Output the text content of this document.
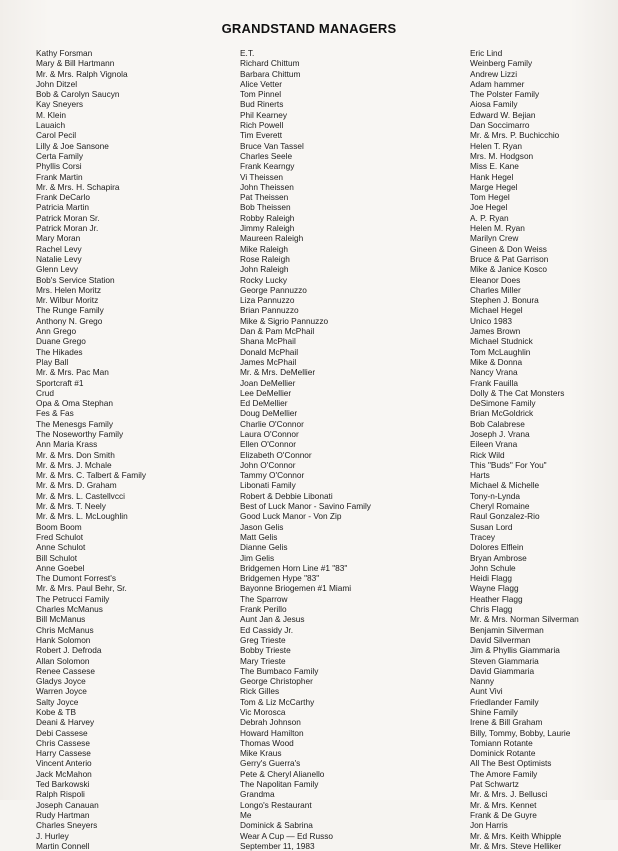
GRANDSTAND MANAGERS
Kathy Forsman
Mary & Bill Hartmann
Mr. & Mrs. Ralph Vignola
John Ditzel
Bob & Carolyn Saucyn
Kay Sneyers
M. Klein
Lauaich
Carol Pecil
Lilly & Joe Sansone
Certa Family
Phyllis Corsi
Frank Martin
Mr. & Mrs. H. Schapira
Frank DeCarlo
Patricia Martin
Patrick Moran Sr.
Patrick Moran Jr.
Mary Moran
Rachel Levy
Natalie Levy
Glenn Levy
Bob's Service Station
Mrs. Helen Moritz
Mr. Wilbur Moritz
The Runge Family
Anthony N. Grego
Ann Grego
Duane Grego
The Hikades
Play Ball
Mr. & Mrs. Pac Man
Sportcraft #1
Crud
Opa & Oma Stephan
Fes & Fas
The Menesgs Family
The Noseworthy Family
Ann Maria Krass
Mr. & Mrs. Don Smith
Mr. & Mrs. J. Mchale
Mr. & Mrs. C. Talbert & Family
Mr. & Mrs. D. Graham
Mr. & Mrs. L. Castellvcci
Mr. & Mrs. T. Neely
Mr. & Mrs. L. McLoughlin
Boom Boom
Fred Schulot
Anne Schulot
Bill Schulot
Anne Goebel
The Dumont Forrest's
Mr. & Mrs. Paul Behr, Sr.
The Petrucci Family
Charles McManus
Bill McManus
Chris McManus
Hank Solomon
Robert J. Defroda
Allan Solomon
Renee Cassese
Gladys Joyce
Warren Joyce
Salty Joyce
Kobe & TB
Deani & Harvey
Debi Cassese
Chris Cassese
Harry Cassese
Vincent Anterio
Jack McMahon
Ted Barkowski
Ralph Rispoli
Joseph Canauan
Rudy Hartman
Charles Sneyers
J. Hurley
Martin Connell
E.T.
Richard Chittum
Barbara Chittum
Alice Vetter
Tom Pinnel
Bud Rinerts
Phil Kearney
Rich Powell
Tim Everett
Bruce Van Tassel
Charles Seele
Frank Kearngy
Vi Theissen
John Theissen
Pat Theissen
Bob Theissen
Robby Raleigh
Jimmy Raleigh
Maureen Raleigh
Mike Raleigh
Rose Raleigh
John Raleigh
Rocky Lucky
George Pannuzzo
Liza Pannuzzo
Brian Pannuzzo
Mike & Sigrio Pannuzzo
Dan & Pam McPhail
Shana McPhail
Donald McPhail
James McPhail
Mr. & Mrs. DeMellier
Joan DeMellier
Lee DeMellier
Ed DeMellier
Doug DeMellier
Charlie O'Connor
Laura O'Connor
Ellen O'Connor
Elizabeth O'Connor
John O'Connor
Tammy O'Connor
Libonati Family
Robert & Debbie Libonati
Best of Luck Manor - Savino Family
Good Luck Manor - Von Zip
Jason Gelis
Matt Gelis
Dianne Gelis
Jim Gelis
Bridgemen Horn Line #1 "83"
Bridgemen Hype "83"
Bayonne Briogemen #1 Miami
The Sparrow
Frank Perillo
Aunt Jan & Jesus
Ed Cassidy Jr.
Greg Trieste
Bobby Trieste
Mary Trieste
The Bumbaco Family
George Christopher
Rick Gilles
Tom & Liz McCarthy
Vic Morosca
Debrah Johnson
Howard Hamilton
Thomas Wood
Mike Kraus
Gerry's Guerra's
Pete & Cheryl Alianello
The Napolitan Family
Grandma
Longo's Restaurant
Me
Dominick & Sabrina
Wear A Cup — Ed Russo
September 11, 1983
Eric Lind
Weinberg Family
Andrew Lizzi
Adam hammer
The Polster Family
Aiosa Family
Edward W. Bejian
Dan Soccimarro
Mr. & Mrs. P. Buchicchio
Helen T. Ryan
Mrs. M. Hodgson
Miss E. Kane
Hank Hegel
Marge Hegel
Tom Hegel
Joe Hegel
A. P. Ryan
Helen M. Ryan
Marilyn Crew
Gineen & Don Weiss
Bruce & Pat Garrison
Mike & Janice Kosco
Eleanor Does
Charles Miller
Stephen J. Bonura
Michael Hegel
Unico 1983
James Brown
Michael Studnick
Tom McLaughlin
Mike & Donna
Nancy Vrana
Frank Fauilla
Dolly & The Cat Monsters
DeSimone Family
Brian McGoldrick
Bob Calabrese
Joseph J. Vrana
Eileen Vrana
Rick Wild
This "Buds" For You"
Harts
Michael & Michelle
Tony-n-Lynda
Cheryl Romaine
Raul Gonzalez-Rio
Susan Lord
Tracey
Dolores Elflein
Bryan Ambrose
John Schule
Heidi Flagg
Wayne Flagg
Heather Flagg
Chris Flagg
Mr. & Mrs. Norman Silverman
Benjamin Silverman
David Silverman
Jim & Phyllis Giammaria
Steven Giammaria
David Giammaria
Nanny
Aunt Vivi
Friedlander Family
Shine Family
Irene & Bill Graham
Billy, Tommy, Bobby, Laurie
Tomiann Rotante
Dominick Rotante
All The Best Optimists
The Amore Family
Pat Schwartz
Mr. & Mrs. J. Bellusci
Mr. & Mrs. Kennet
Frank & De Guyre
Jon Harris
Mr. & Mrs. Keith Whipple
Mr. & Mrs. Steve Helliker
